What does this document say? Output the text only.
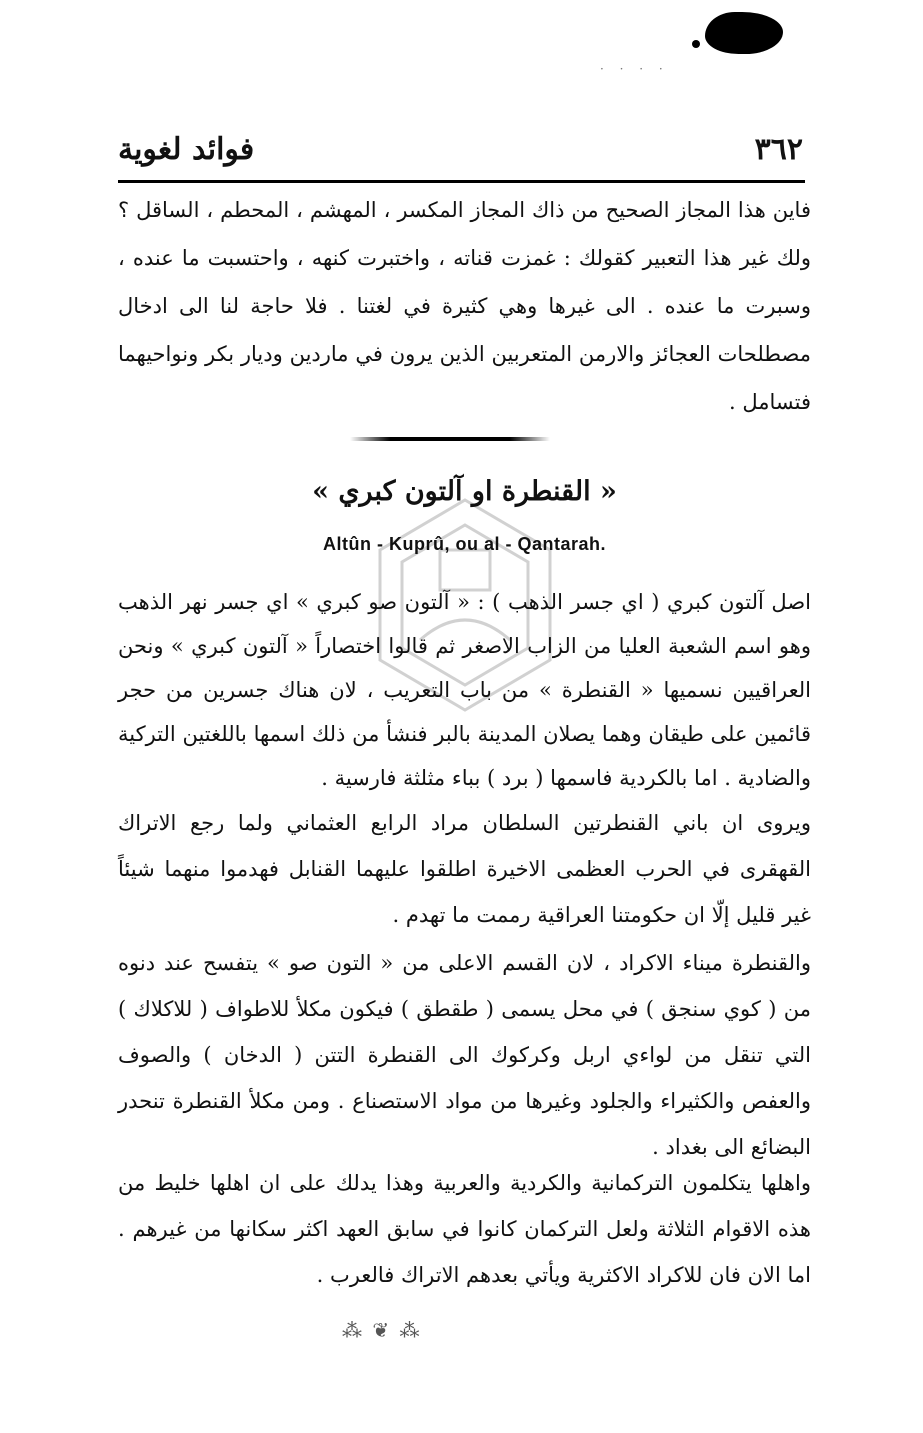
· · · ·
٣٦٢
فوائد لغوية
فاين هذا المجاز الصحيح من ذاك المجاز المكسر ، المهشم ، المحطم ، الساقل ؟ ولك غير هذا التعبير كقولك : غمزت قناته ، واختبرت كنهه ، واحتسبت ما عنده ، وسبرت ما عنده . الى غيرها وهي كثيرة في لغتنا . فلا حاجة لنا الى ادخال مصطلحات العجائز والارمن المتعربين الذين يرون في ماردين وديار بكر ونواحيهما فتسامل .
« القنطرة او آلتون كبري »
Altûn - Kuprû, ou al - Qantarah.
اصل آلتون كبري ( اي جسر الذهب ) : « آلتون صو كبري » اي جسر نهر الذهب وهو اسم الشعبة العليا من الزاب الاصغر ثم قالوا اختصاراً « آلتون كبري » ونحن العراقيين نسميها « القنطرة » من باب التعريب ، لان هناك جسرين من حجر قائمين على طيقان وهما يصلان المدينة بالبر فنشأ من ذلك اسمها باللغتين التركية والضادية . اما بالكردية فاسمها ( برد ) بباء مثلثة فارسية .
ويروى ان باني القنطرتين السلطان مراد الرابع العثماني ولما رجع الاتراك القهقرى في الحرب العظمى الاخيرة اطلقوا عليهما القنابل فهدموا منهما شيئاً غير قليل إلّا ان حكومتنا العراقية رممت ما تهدم .
والقنطرة ميناء الاكراد ، لان القسم الاعلى من « التون صو » يتفسح عند دنوه من ( كوي سنجق ) في محل يسمى ( طقطق ) فيكون مكلأ للاطواف ( للاكلاك ) التي تنقل من لواءي اربل وكركوك الى القنطرة التتن ( الدخان ) والصوف والعفص والكثيراء والجلود وغيرها من مواد الاستصناع . ومن مكلأ القنطرة تنحدر البضائع الى بغداد .
واهلها يتكلمون التركمانية والكردية والعربية وهذا يدلك على ان اهلها خليط من هذه الاقوام الثلاثة ولعل التركمان كانوا في سابق العهد اكثر سكانها من غيرهم . اما الان فان للاكراد الاكثرية ويأتي بعدهم الاتراك فالعرب .
⁂ ❦ ⁂
